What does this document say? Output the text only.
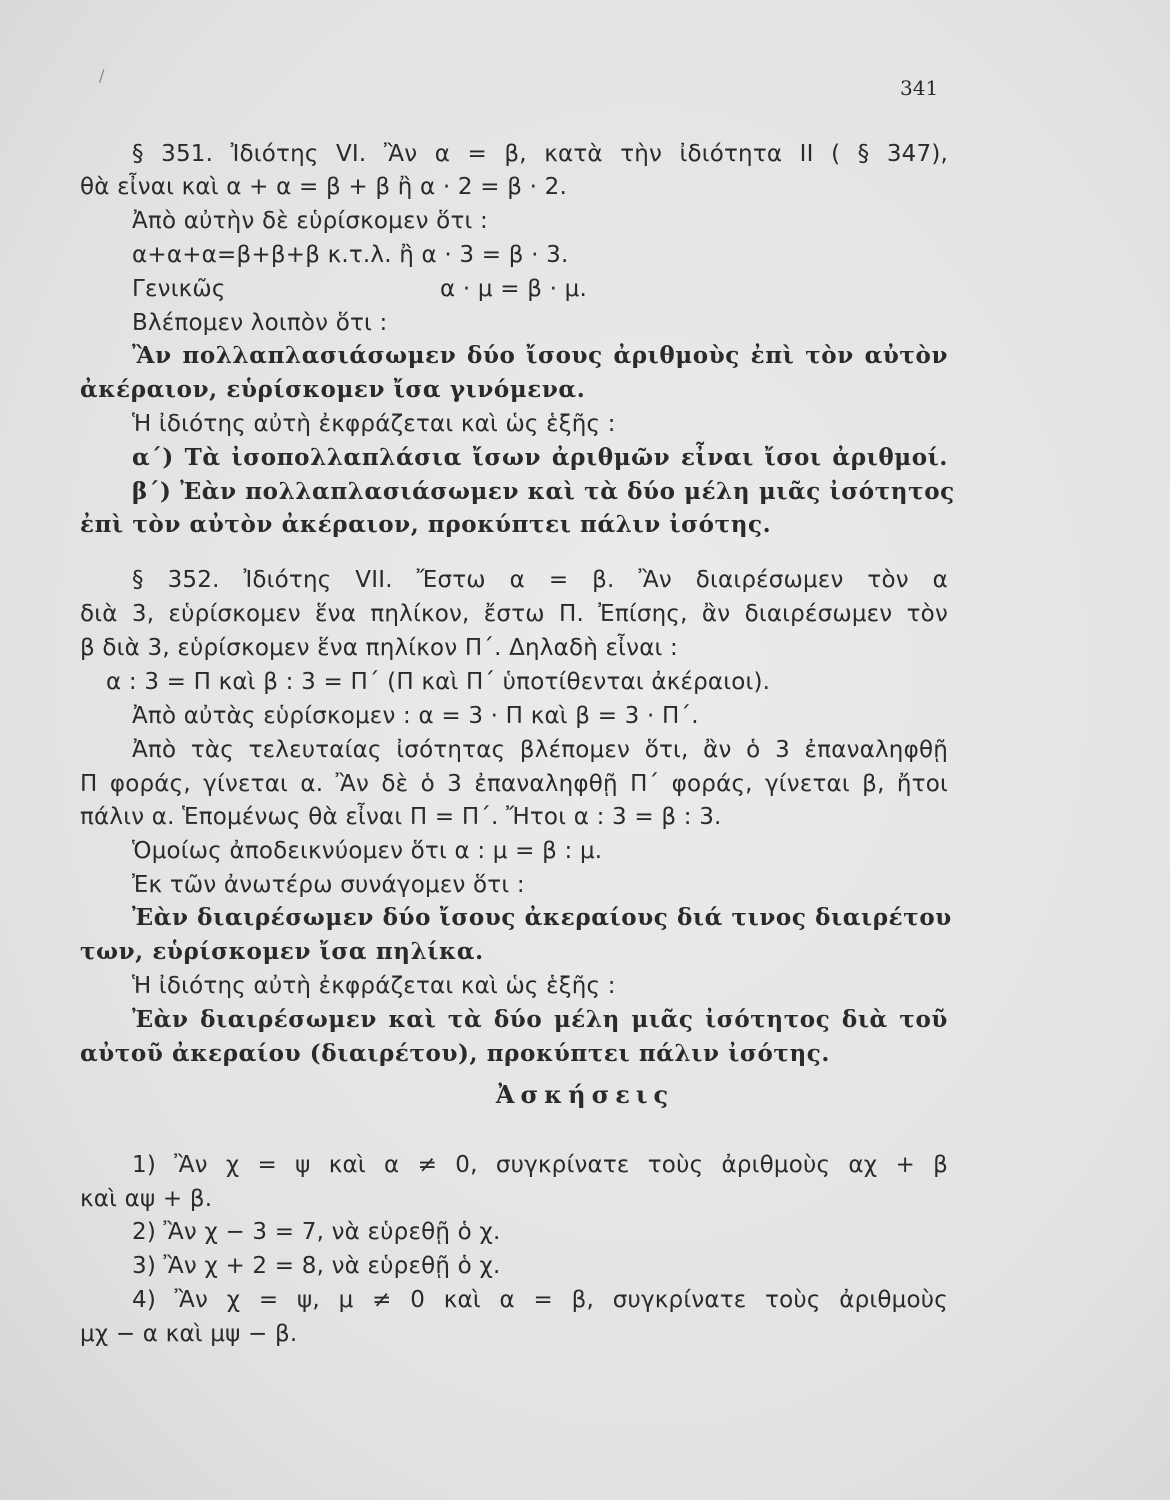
/
341
§ 351. Ἰδιότης VI. Ἂν α = β, κατὰ τὴν ἰδιότητα II ( § 347),
θὰ εἶναι καὶ α + α = β + β ἢ α · 2 = β · 2.
Ἀπὸ αὐτὴν δὲ εὑρίσκομεν ὅτι :
α+α+α=β+β+β κ.τ.λ. ἢ α · 3 = β · 3.
Γενικῶς	α · μ = β · μ.
Βλέπομεν λοιπὸν ὅτι :
Ἂν πολλαπλασιάσωμεν δύο ἴσους ἀριθμοὺς ἐπὶ τὸν αὐτὸν
ἀκέραιον, εὑρίσκομεν ἴσα γινόμενα.
Ἡ ἰδιότης αὐτὴ ἐκφράζεται καὶ ὡς ἑξῆς :
α΄) Τὰ ἰσοπολλαπλάσια ἴσων ἀριθμῶν εἶναι ἴσοι ἀριθμοί.
β΄) Ἐὰν πολλαπλασιάσωμεν καὶ τὰ δύο μέλη μιᾶς ἰσότητος
ἐπὶ τὸν αὐτὸν ἀκέραιον, προκύπτει πάλιν ἰσότης.
§ 352. Ἰδιότης VII. Ἔστω α = β. Ἂν διαιρέσωμεν τὸν α
διὰ 3, εὑρίσκομεν ἕνα πηλίκον, ἔστω Π. Ἐπίσης, ἂν διαιρέσωμεν τὸν
β διὰ 3, εὑρίσκομεν ἕνα πηλίκον Π΄. Δηλαδὴ εἶναι :
α : 3 = Π καὶ β : 3 = Π΄ (Π καὶ Π΄ ὑποτίθενται ἀκέραιοι).
Ἀπὸ αὐτὰς εὑρίσκομεν : α = 3 · Π καὶ β = 3 · Π΄.
Ἀπὸ τὰς τελευταίας ἰσότητας βλέπομεν ὅτι, ἂν ὁ 3 ἐπαναληφθῇ
Π φοράς, γίνεται α. Ἂν δὲ ὁ 3 ἐπαναληφθῇ Π΄ φοράς, γίνεται β, ἤτοι
πάλιν α. Ἑπομένως θὰ εἶναι Π = Π΄. Ἤτοι α : 3 = β : 3.
Ὁμοίως ἀποδεικνύομεν ὅτι α : μ = β : μ.
Ἐκ τῶν ἀνωτέρω συνάγομεν ὅτι :
Ἐὰν διαιρέσωμεν δύο ἴσους ἀκεραίους διά τινος διαιρέτου
των, εὑρίσκομεν ἴσα πηλίκα.
Ἡ ἰδιότης αὐτὴ ἐκφράζεται καὶ ὡς ἑξῆς :
Ἐὰν διαιρέσωμεν καὶ τὰ δύο μέλη μιᾶς ἰσότητος διὰ τοῦ
αὐτοῦ ἀκεραίου (διαιρέτου), προκύπτει πάλιν ἰσότης.
Ἀσκήσεις
1) Ἂν χ = ψ καὶ α ≠ 0, συγκρίνατε τοὺς ἀριθμοὺς αχ + β
καὶ αψ + β.
2) Ἂν χ − 3 = 7, νὰ εὑρεθῇ ὁ χ.
3) Ἂν χ + 2 = 8, νὰ εὑρεθῇ ὁ χ.
4) Ἂν χ = ψ, μ ≠ 0 καὶ α = β, συγκρίνατε τοὺς ἀριθμοὺς
μχ − α καὶ μψ − β.
